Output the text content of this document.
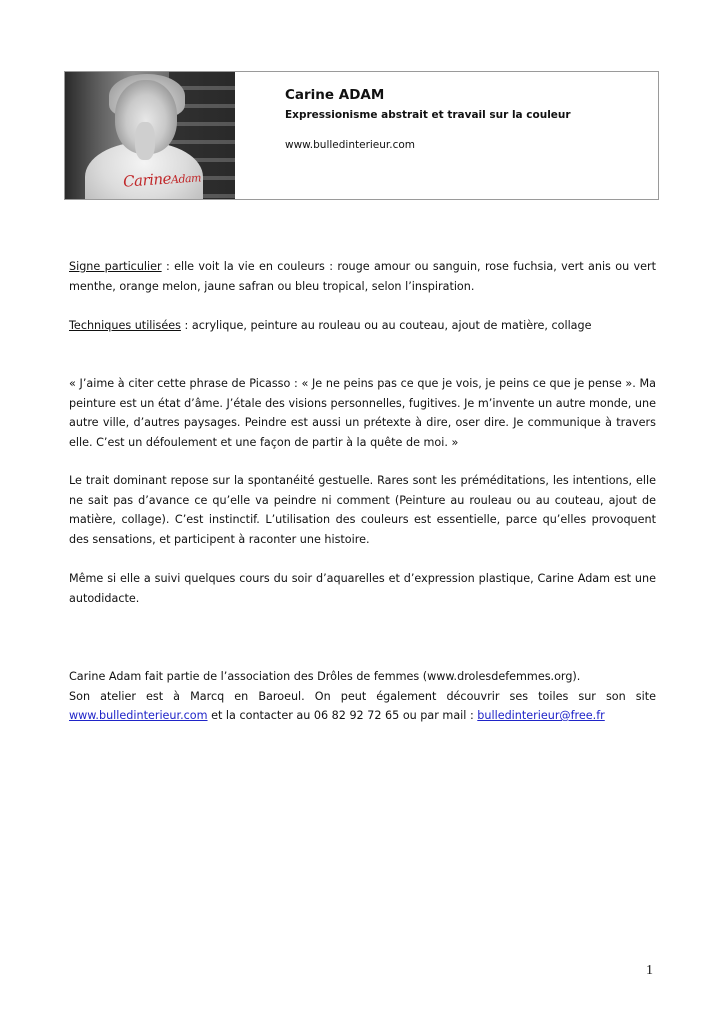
CarineAdam

Carine ADAM

Expressionisme abstrait et travail sur la couleur
www.bulledinterieur.com

Signe particulier : elle voit la vie en couleurs : rouge amour ou sanguin, rose fuchsia, vert anis ou vert menthe, orange melon, jaune safran ou bleu tropical, selon l’inspiration.

Techniques utilisées : acrylique, peinture au rouleau ou au couteau, ajout de matière, collage

« J’aime à citer cette phrase de Picasso : « Je ne peins pas ce que je vois, je peins ce que je pense ». Ma peinture est un état d’âme. J’étale des visions personnelles, fugitives. Je m’invente un autre monde, une autre ville, d’autres paysages. Peindre est aussi un prétexte à dire, oser dire. Je communique à travers elle. C’est un défoulement et une façon de partir à la quête de moi. »

Le trait dominant repose sur la spontanéité gestuelle. Rares sont les préméditations, les intentions, elle ne sait pas d’avance ce qu’elle va peindre ni comment (Peinture au rouleau ou au couteau, ajout de matière, collage). C’est instinctif. L’utilisation des couleurs est essentielle, parce qu’elles provoquent des sensations, et participent à raconter une histoire.

Même si elle a suivi quelques cours du soir d’aquarelles et d’expression plastique, Carine Adam est une autodidacte.

Carine Adam fait partie de l’association des Drôles de femmes (www.drolesdefemmes.org).

Son atelier est à Marcq en Baroeul. On peut également découvrir ses toiles sur son site www.bulledinterieur.com et la contacter au 06 82 92 72 65 ou par mail : bulledinterieur@free.fr

1
